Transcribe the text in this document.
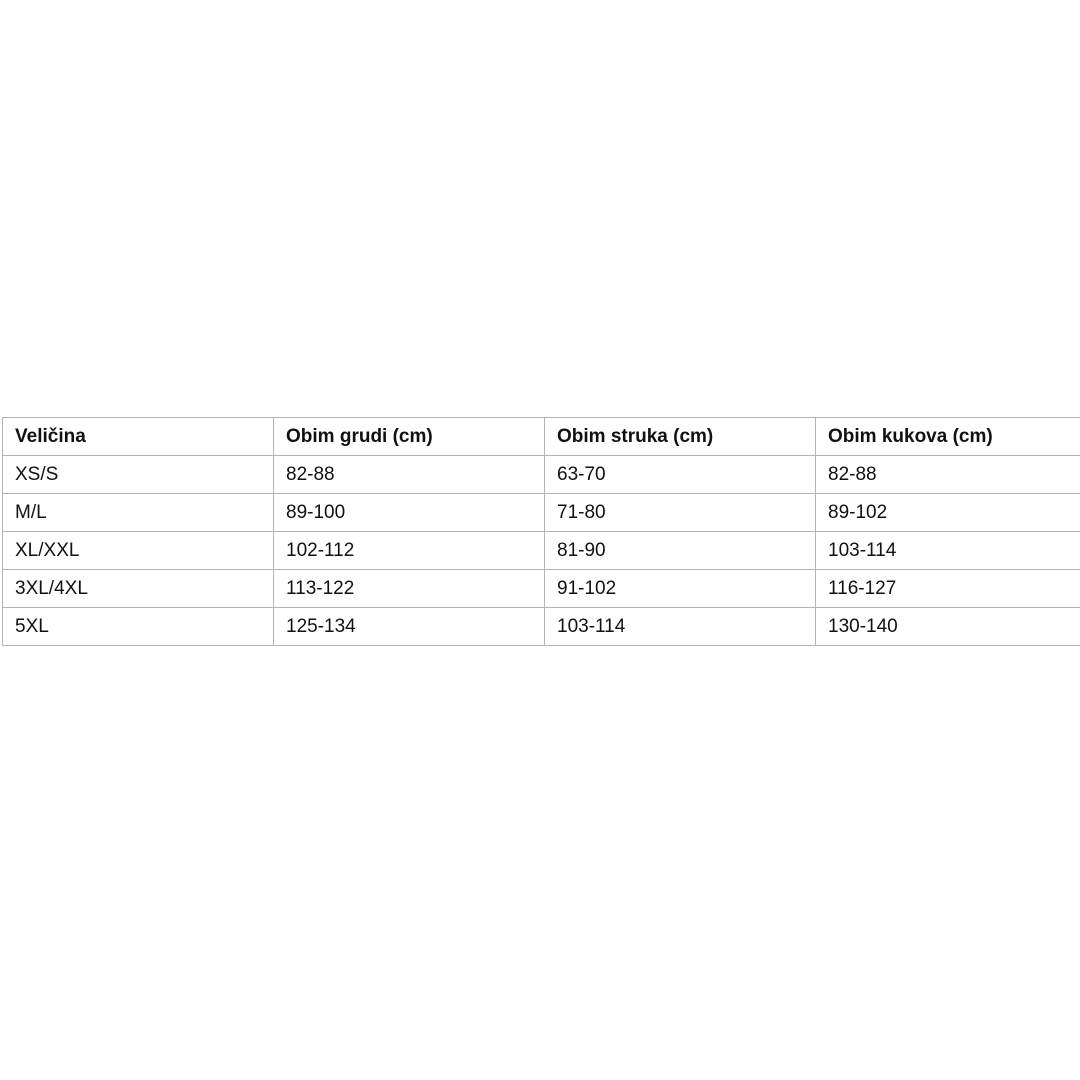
Veličina	Obim grudi (cm)	Obim struka (cm)	Obim kukova (cm)
XS/S	82-88	63-70	82-88
M/L	89-100	71-80	89-102
XL/XXL	102-112	81-90	103-114
3XL/4XL	113-122	91-102	116-127
5XL	125-134	103-114	130-140
